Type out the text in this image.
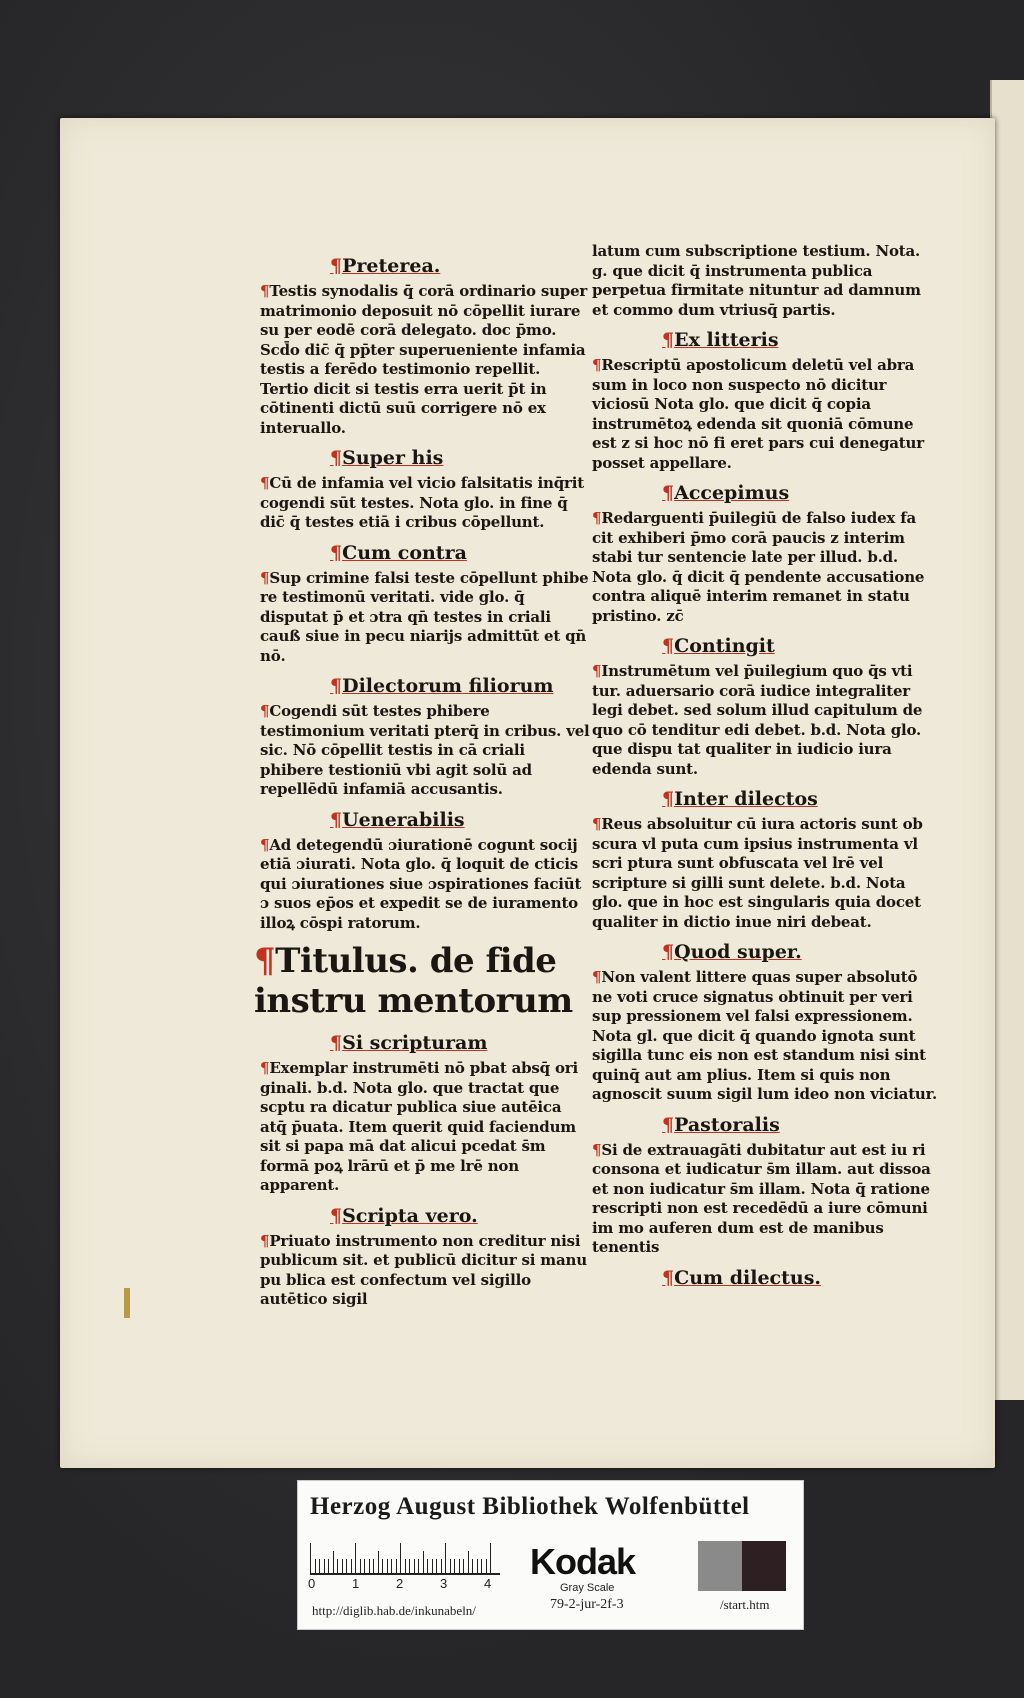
¶Preterea.
¶Testis synodalis q̄ corā ordinario super matrimonio deposuit nō cōpellit iurare su per eodē corā delegato. doc p̄mo. Scd̄o dic̄ q̄ pp̄ter superueniente infamia testis a ferēdo testimonio repellit. Tertio dicit si testis erra uerit p̄t in cōtinenti dictū suū corrigere nō ex interuallo.
¶Super his
¶Cū de infamia vel vicio falsitatis inq̄rit cogendi sūt testes. Nota glo. in fine q̄ dic̄ q̄ testes etiā i cribus cōpellunt.
¶Cum contra
¶Sup crimine falsi teste cōpellunt phibe re testimonū veritati. vide glo. q̄ disputat p̄ et ɔtra qn̄ testes in criali cauß siue in pecu niarijs admittūt et qn̄ nō.
¶Dilectorum filiorum
¶Cogendi sūt testes phibere testimonium veritati pterq̄ in cribus. vel sic. Nō cōpellit testis in cā criali phibere testioniū vbi agit solū ad repellēdū infamiā accusantis.
¶Uenerabilis
¶Ad detegendū ɔiurationē cogunt socij etiā ɔiurati. Nota glo. q̄ loquit de cticis qui ɔiurationes siue ɔspirationes faciūt ɔ suos ep̄os et expedit se de iuramento illoꝝ cōspi ratorum.
¶Titulus. de fide instru mentorum
¶Si scripturam
¶Exemplar instrumēti nō pbat absq̄ ori ginali. b.d. Nota glo. que tractat que scptu ra dicatur publica siue autēica atq̄ p̄uata. Item querit quid faciendum sit si papa mā dat alicui pcedat s̄m formā poꝝ lrārū et p̄ me lrē non apparent.
¶Scripta vero.
¶Priuato instrumento non creditur nisi publicum sit. et publicū dicitur si manu pu blica est confectum vel sigillo autētico sigil
latum cum subscriptione testium. Nota. g. que dicit q̄ instrumenta publica perpetua firmitate nituntur ad damnum et commo dum vtriusq̄ partis.
¶Ex litteris
¶Rescriptū apostolicum deletū vel abra sum in loco non suspecto nō dicitur viciosū Nota glo. que dicit q̄ copia instrumētoꝝ edenda sit quoniā cōmune est z si hoc nō fi eret pars cui denegatur posset appellare.
¶Accepimus
¶Redarguenti p̄uilegiū de falso iudex fa cit exhiberi p̄mo corā paucis z interim stabi tur sentencie late per illud. b.d. Nota glo. q̄ dicit q̄ pendente accusatione contra aliquē interim remanet in statu pristino. zc̄
¶Contingit
¶Instrumētum vel p̄uilegium quo q̄s vti tur. aduersario corā iudice integraliter legi debet. sed solum illud capitulum de quo cō tenditur edi debet. b.d. Nota glo. que dispu tat qualiter in iudicio iura edenda sunt.
¶Inter dilectos
¶Reus absoluitur cū iura actoris sunt ob scura vl puta cum ipsius instrumenta vl scri ptura sunt obfuscata vel lrē vel scripture si gilli sunt delete. b.d. Nota glo. que in hoc est singularis quia docet qualiter in dictio inue niri debeat.
¶Quod super.
¶Non valent littere quas super absolutō ne voti cruce signatus obtinuit per veri sup pressionem vel falsi expressionem. Nota gl. que dicit q̄ quando ignota sunt sigilla tunc eis non est standum nisi sint quinq̄ aut am plius. Item si quis non agnoscit suum sigil lum ideo non viciatur.
¶Pastoralis
¶Si de extrauagāti dubitatur aut est iu ri consona et iudicatur s̄m illam. aut dissoa et non iudicatur s̄m illam. Nota q̄ ratione rescripti non est recedēdū a iure cōmuni im mo auferen dum est de manibus tenentis
¶Cum dilectus.
Herzog August Bibliothek Wolfenbüttel
0	1	2	3	4
Kodak
Gray Scale
http://diglib.hab.de/inkunabeln/	79-2-jur-2f-3	/start.htm
